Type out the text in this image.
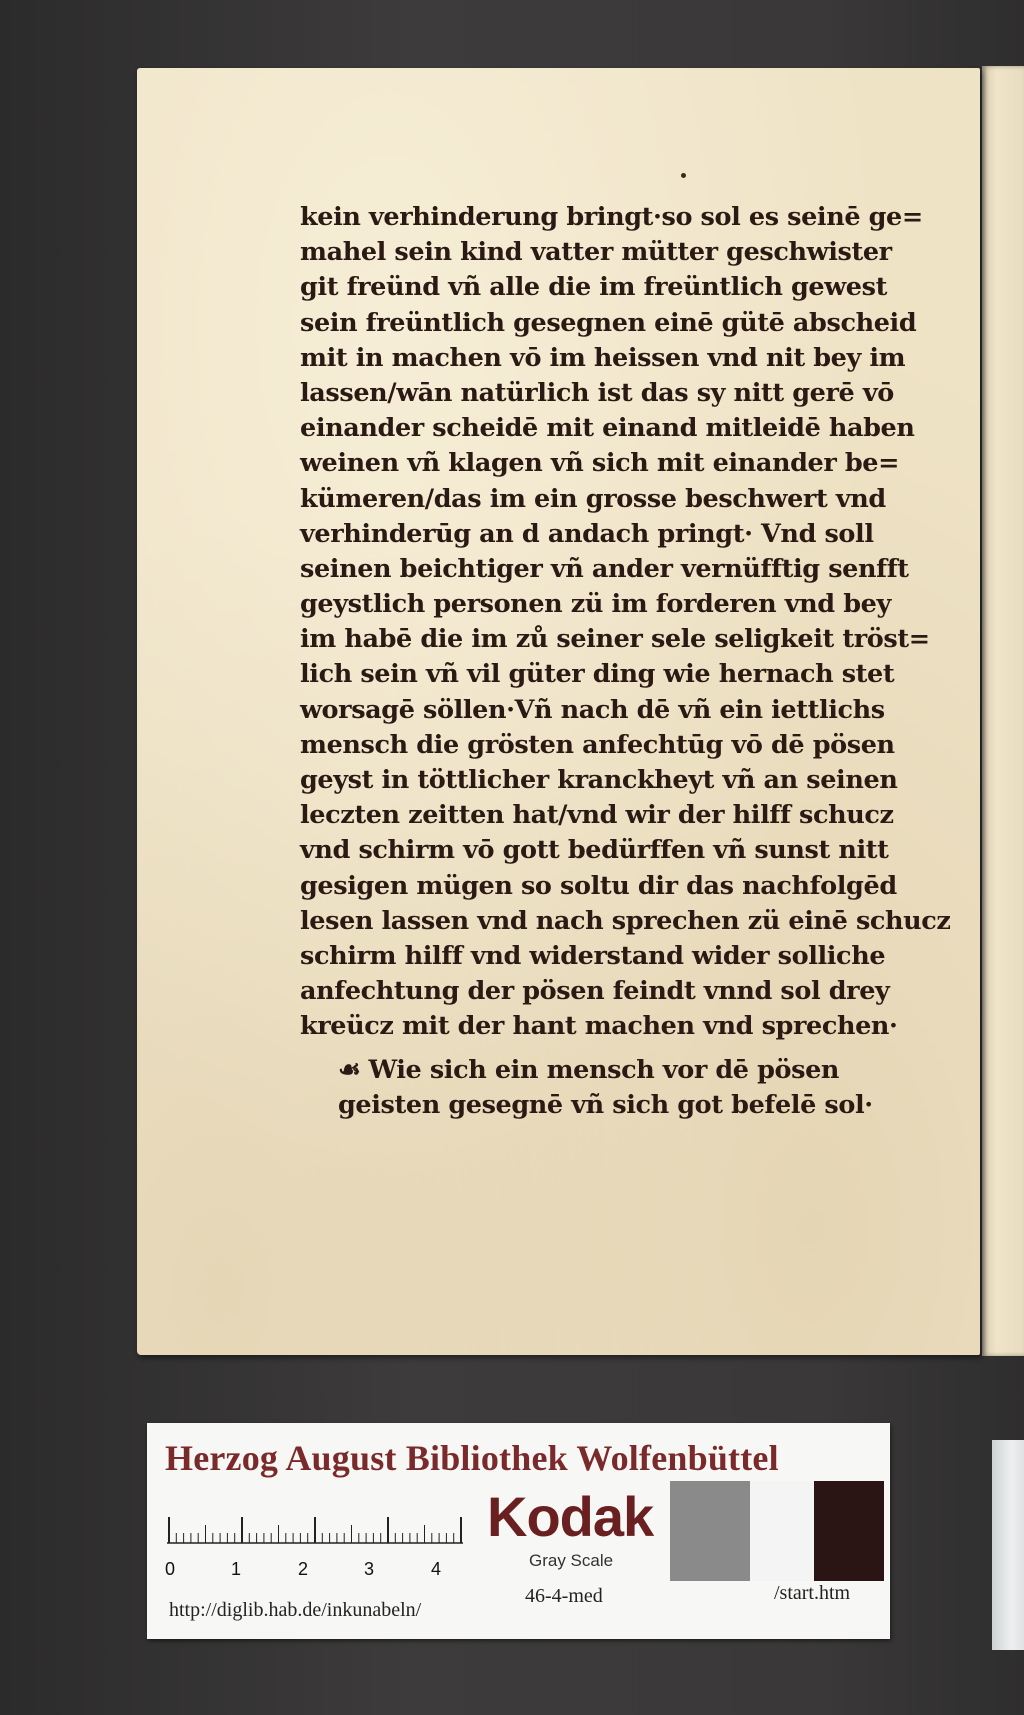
kein verhinderung bringt·so sol es seinē ge=
mahel sein kind vatter mütter geschwister
git freünd vñ alle die im freüntlich gewest
sein freüntlich gesegnen einē gütē abscheid
mit in machen vō im heissen vnd nit bey im
lassen/wān natürlich ist das sy nitt gerē vō
einander scheidē mit einand mitleidē haben
weinen vñ klagen vñ sich mit einander be=
kümeren/das im ein grosse beschwert vnd
verhinderūg an d andach pringt· Vnd soll
seinen beichtiger vñ ander vernüfftig senfft
geystlich personen zü im forderen vnd bey
im habē die im zů seiner sele seligkeit tröst=
lich sein vñ vil güter ding wie hernach stet
worsagē söllen·Vñ nach dē vñ ein iettlichs
mensch die grösten anfechtūg vō dē pösen
geyst in töttlicher kranckheyt vñ an seinen
leczten zeitten hat/vnd wir der hilff schucz
vnd schirm vō gott bedürffen vñ sunst nitt
gesigen mügen so soltu dir das nachfolgēd
lesen lassen vnd nach sprechen zü einē schucz
schirm hilff vnd widerstand wider solliche
anfechtung der pösen feindt vnnd sol drey
kreücz mit der hant machen vnd sprechen·
☙ Wie sich ein mensch vor dē pösen
geisten gesegnē vñ sich got befelē sol·
Herzog August Bibliothek Wolfenbüttel
0	1	2	3	4
Kodak
Gray Scale
http://diglib.hab.de/inkunabeln/
46-4-med	/start.htm
